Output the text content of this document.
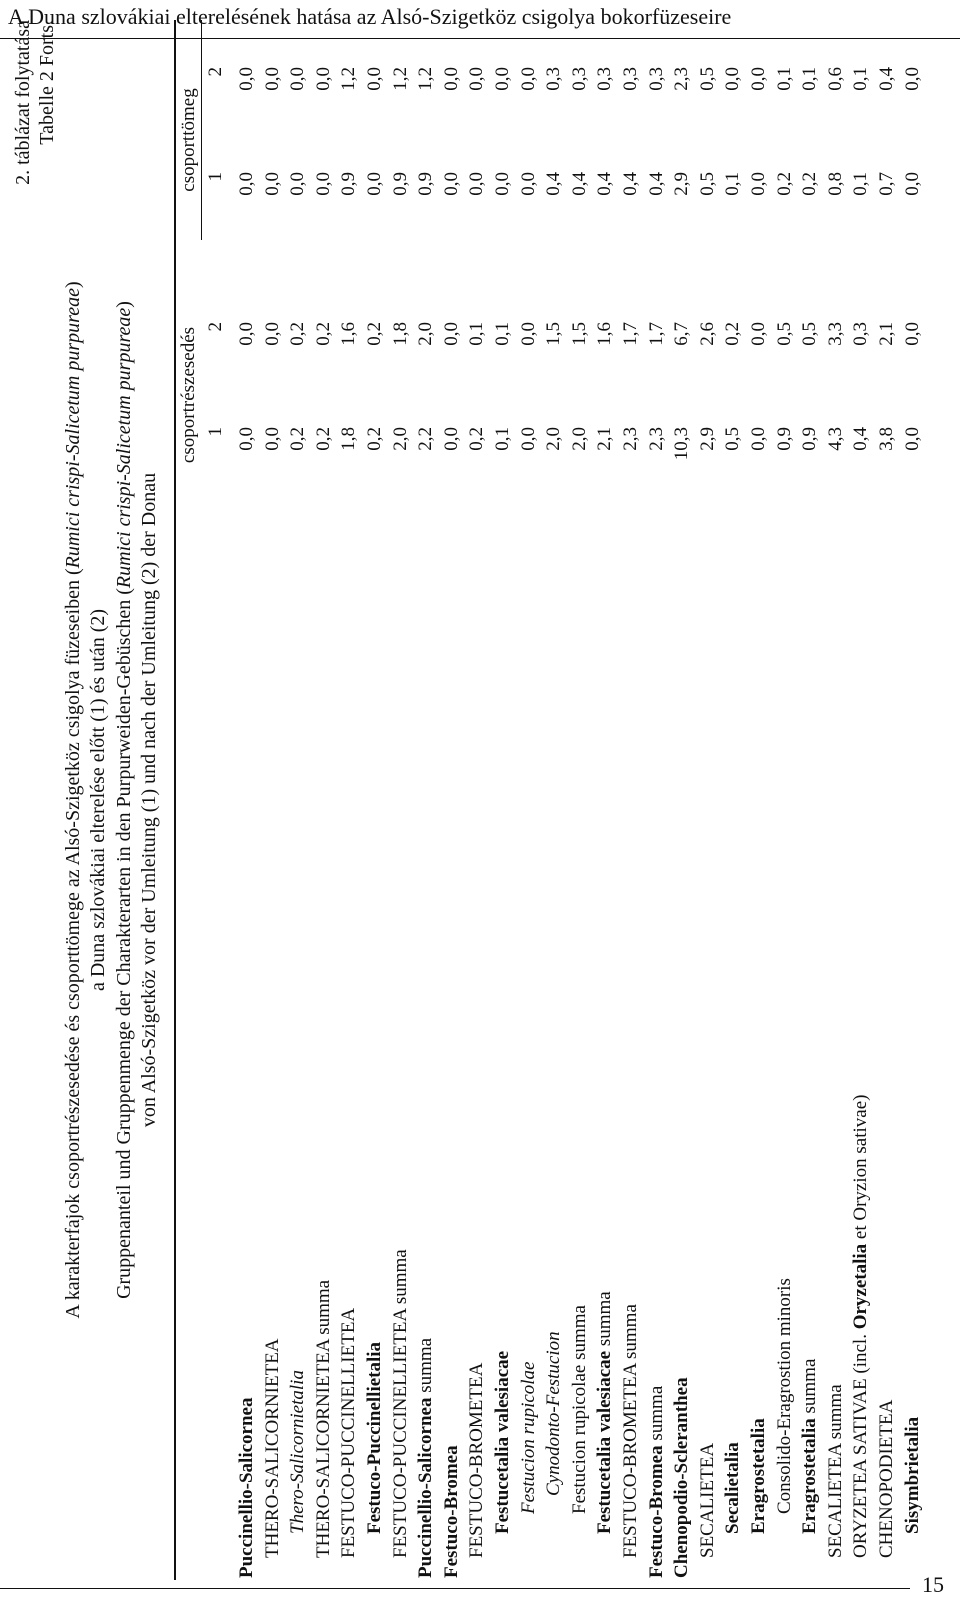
A Duna szlovákiai elterelésének hatása az Alsó-Szigetköz csigolya bokorfüzeseire
2. táblázat folytatása Tabelle 2 Forts.
A karakterfajok csoportrészesedése és csoporttömege az Alsó-Szigetköz csigolya füzeseiben (Rumici crispi-Salicetum purpureae)
a Duna szlovákiai elterelése előtt (1) és után (2) Gruppenanteil und Gruppenmenge der Charakterarten in den Purpurweiden-Gebüschen (Rumici crispi-Salicetum purpureae)
von Alsó-Szigetköz vor der Umleitung (1) und nach der Umleitung (2) der Donau
csoportrészesedés
csoporttömeg
1
2
1
2
Puccinellio-Salicornea
0,0
0,0
0,0
0,0
THERO-SALICORNIETEA
0,0
0,0
0,0
0,0
Thero-Salicornietalia
0,2
0,2
0,0
0,0
THERO-SALICORNIETEA summa
0,2
0,2
0,0
0,0
FESTUCO-PUCCINELLIETEA
1,8
1,6
0,9
1,2
Festuco-Puccinellietalia
0,2
0,2
0,0
0,0
FESTUCO-PUCCINELLIETEA summa
2,0
1,8
0,9
1,2
Puccinellio-Salicornea summa
2,2
2,0
0,9
1,2
Festuco-Bromea
0,0
0,0
0,0
0,0
FESTUCO-BROMETEA
0,2
0,1
0,0
0,0
Festucetalia valesiacae
0,1
0,1
0,0
0,0
Festucion rupicolae
0,0
0,0
0,0
0,0
Cynodonto-Festucion
2,0
1,5
0,4
0,3
Festucion rupicolae summa
2,0
1,5
0,4
0,3
Festucetalia valesiacae summa
2,1
1,6
0,4
0,3
FESTUCO-BROMETEA summa
2,3
1,7
0,4
0,3
Festuco-Bromea summa
2,3
1,7
0,4
0,3
Chenopodio-Scleranthea
10,3
6,7
2,9
2,3
SECALIETEA
2,9
2,6
0,5
0,5
Secalietalia
0,5
0,2
0,1
0,0
Eragrostetalia
0,0
0,0
0,0
0,0
Consolido-Eragrostion minoris
0,9
0,5
0,2
0,1
Eragrostetalia summa
0,9
0,5
0,2
0,1
SECALIETEA summa
4,3
3,3
0,8
0,6
ORYZETEA SATIVAE (incl. Oryzetalia et Oryzion sativae)
0,4
0,3
0,1
0,1
CHENOPODIETEA
3,8
2,1
0,7
0,4
Sisymbrietalia
0,0
0,0
0,0
0,0
15
